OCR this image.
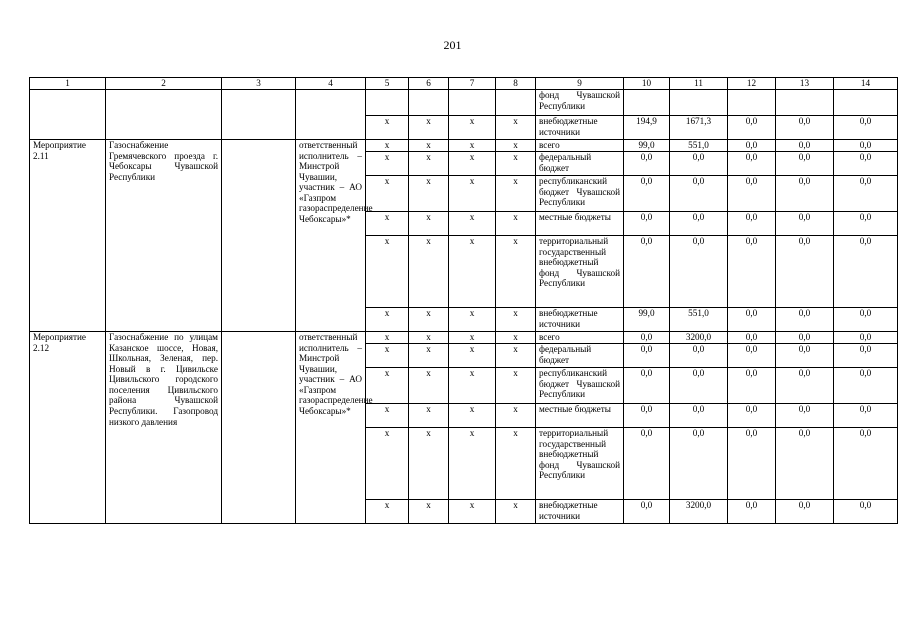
201
1	2	3	4	5	6	7	8	9	10	11	12	13	14
								фонд Чувашской Республики					
				x	x	x	x	внебюджетные источники	194,9	1671,3	0,0	0,0	0,0
Мероприятие 2.11	Газоснабжение Гремячевского проезда г. Чебоксары Чувашской Республики		ответственный исполнитель – Минстрой Чувашии, участник – АО «Газпром газораспределение Чебоксары»*	x	x	x	x	всего	99,0	551,0	0,0	0,0	0,0
				x	x	x	x	федеральный бюджет	0,0	0,0	0,0	0,0	0,0
				x	x	x	x	республиканский бюджет Чувашской Республики	0,0	0,0	0,0	0,0	0,0
				x	x	x	x	местные бюджеты	0,0	0,0	0,0	0,0	0,0
				x	x	x	x	территориальный государственный внебюджетный фонд Чувашской Республики	0,0	0,0	0,0	0,0	0,0
				x	x	x	x	внебюджетные источники	99,0	551,0	0,0	0,0	0,0
Мероприятие 2.12	Газоснабжение по улицам Казанское шоссе, Новая, Школьная, Зеленая, пер. Новый в г. Цивильске Цивильского городского поселения Цивильского района Чувашской Республики. Газопровод низкого давления		ответственный исполнитель – Минстрой Чувашии, участник – АО «Газпром газораспределение Чебоксары»*	x	x	x	x	всего	0,0	3200,0	0,0	0,0	0,0
				x	x	x	x	федеральный бюджет	0,0	0,0	0,0	0,0	0,0
				x	x	x	x	республиканский бюджет Чувашской Республики	0,0	0,0	0,0	0,0	0,0
				x	x	x	x	местные бюджеты	0,0	0,0	0,0	0,0	0,0
				x	x	x	x	территориальный государственный внебюджетный фонд Чувашской Республики	0,0	0,0	0,0	0,0	0,0
				x	x	x	x	внебюджетные источники	0,0	3200,0	0,0	0,0	0,0
